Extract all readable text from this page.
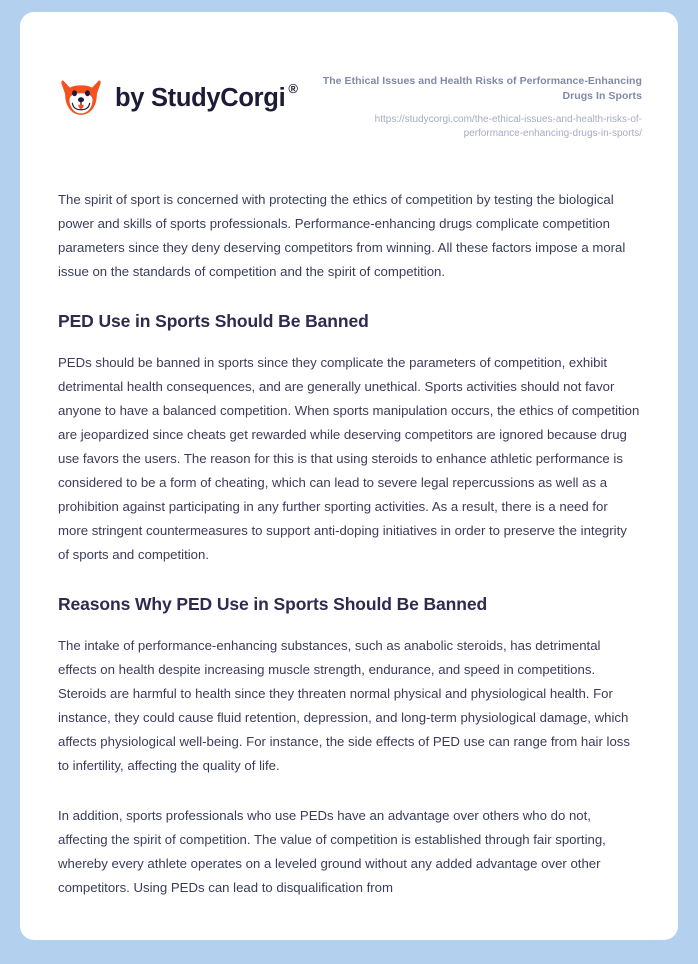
by StudyCorgi ®

The Ethical Issues and Health Risks of Performance-Enhancing Drugs In Sports

https://studycorgi.com/the-ethical-issues-and-health-risks-of-performance-enhancing-drugs-in-sports/

The spirit of sport is concerned with protecting the ethics of competition by testing the biological power and skills of sports professionals. Performance-enhancing drugs complicate competition parameters since they deny deserving competitors from winning. All these factors impose a moral issue on the standards of competition and the spirit of competition.

PED Use in Sports Should Be Banned

PEDs should be banned in sports since they complicate the parameters of competition, exhibit detrimental health consequences, and are generally unethical. Sports activities should not favor anyone to have a balanced competition. When sports manipulation occurs, the ethics of competition are jeopardized since cheats get rewarded while deserving competitors are ignored because drug use favors the users. The reason for this is that using steroids to enhance athletic performance is considered to be a form of cheating, which can lead to severe legal repercussions as well as a prohibition against participating in any further sporting activities. As a result, there is a need for more stringent countermeasures to support anti-doping initiatives in order to preserve the integrity of sports and competition.

Reasons Why PED Use in Sports Should Be Banned

The intake of performance-enhancing substances, such as anabolic steroids, has detrimental effects on health despite increasing muscle strength, endurance, and speed in competitions. Steroids are harmful to health since they threaten normal physical and physiological health. For instance, they could cause fluid retention, depression, and long-term physiological damage, which affects physiological well-being. For instance, the side effects of PED use can range from hair loss to infertility, affecting the quality of life.

In addition, sports professionals who use PEDs have an advantage over others who do not, affecting the spirit of competition. The value of competition is established through fair sporting, whereby every athlete operates on a leveled ground without any added advantage over other competitors. Using PEDs can lead to disqualification from
